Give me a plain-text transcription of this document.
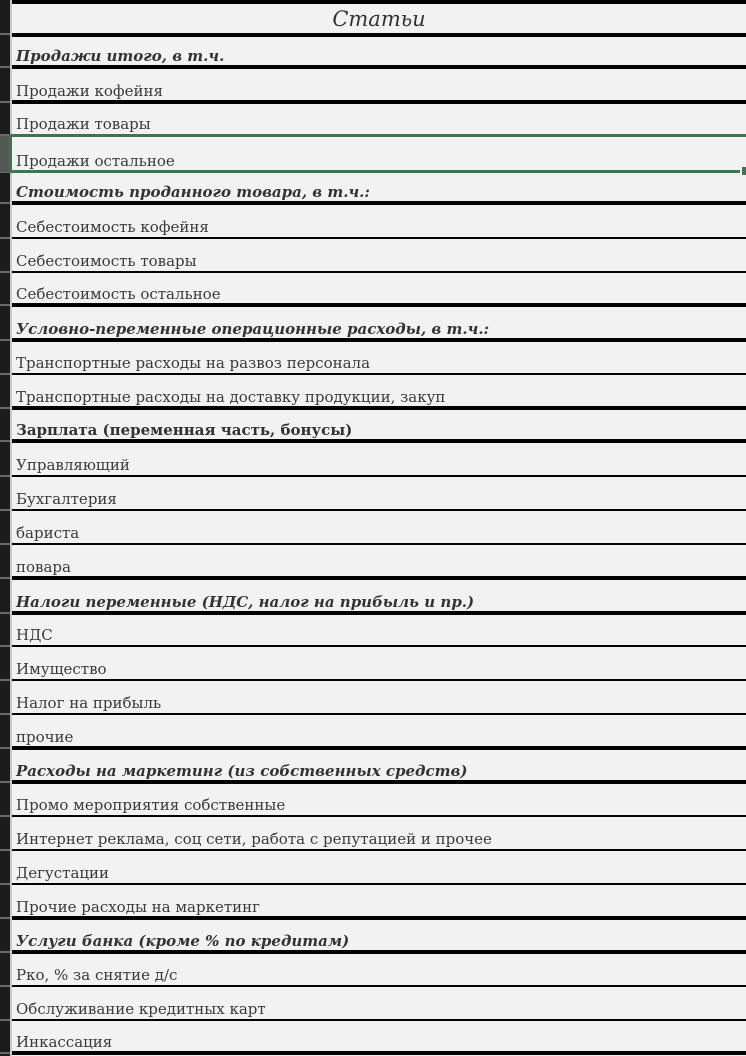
Статьи
Продажи итого, в т.ч.
Продажи кофейня
Продажи товары
Продажи остальное
Стоимость проданного товара, в т.ч.:
Себестоимость кофейня
Себестоимость товары
Себестоимость остальное
Условно-переменные операционные расходы, в т.ч.:
Транспортные расходы на развоз персонала
Транспортные расходы на доставку продукции, закуп
Зарплата (переменная часть, бонусы)
Управляющий
Бухгалтерия
бариста
повара
Налоги переменные (НДС, налог на прибыль и пр.)
НДС
Имущество
Налог на прибыль
прочие
Расходы на маркетинг (из собственных средств)
Промо мероприятия собственные
Интернет реклама, соц сети, работа с репутацией и прочее
Дегустации
Прочие расходы на маркетинг
Услуги банка (кроме % по кредитам)
Рко, % за снятие д/с
Обслуживание кредитных карт
Инкассация
